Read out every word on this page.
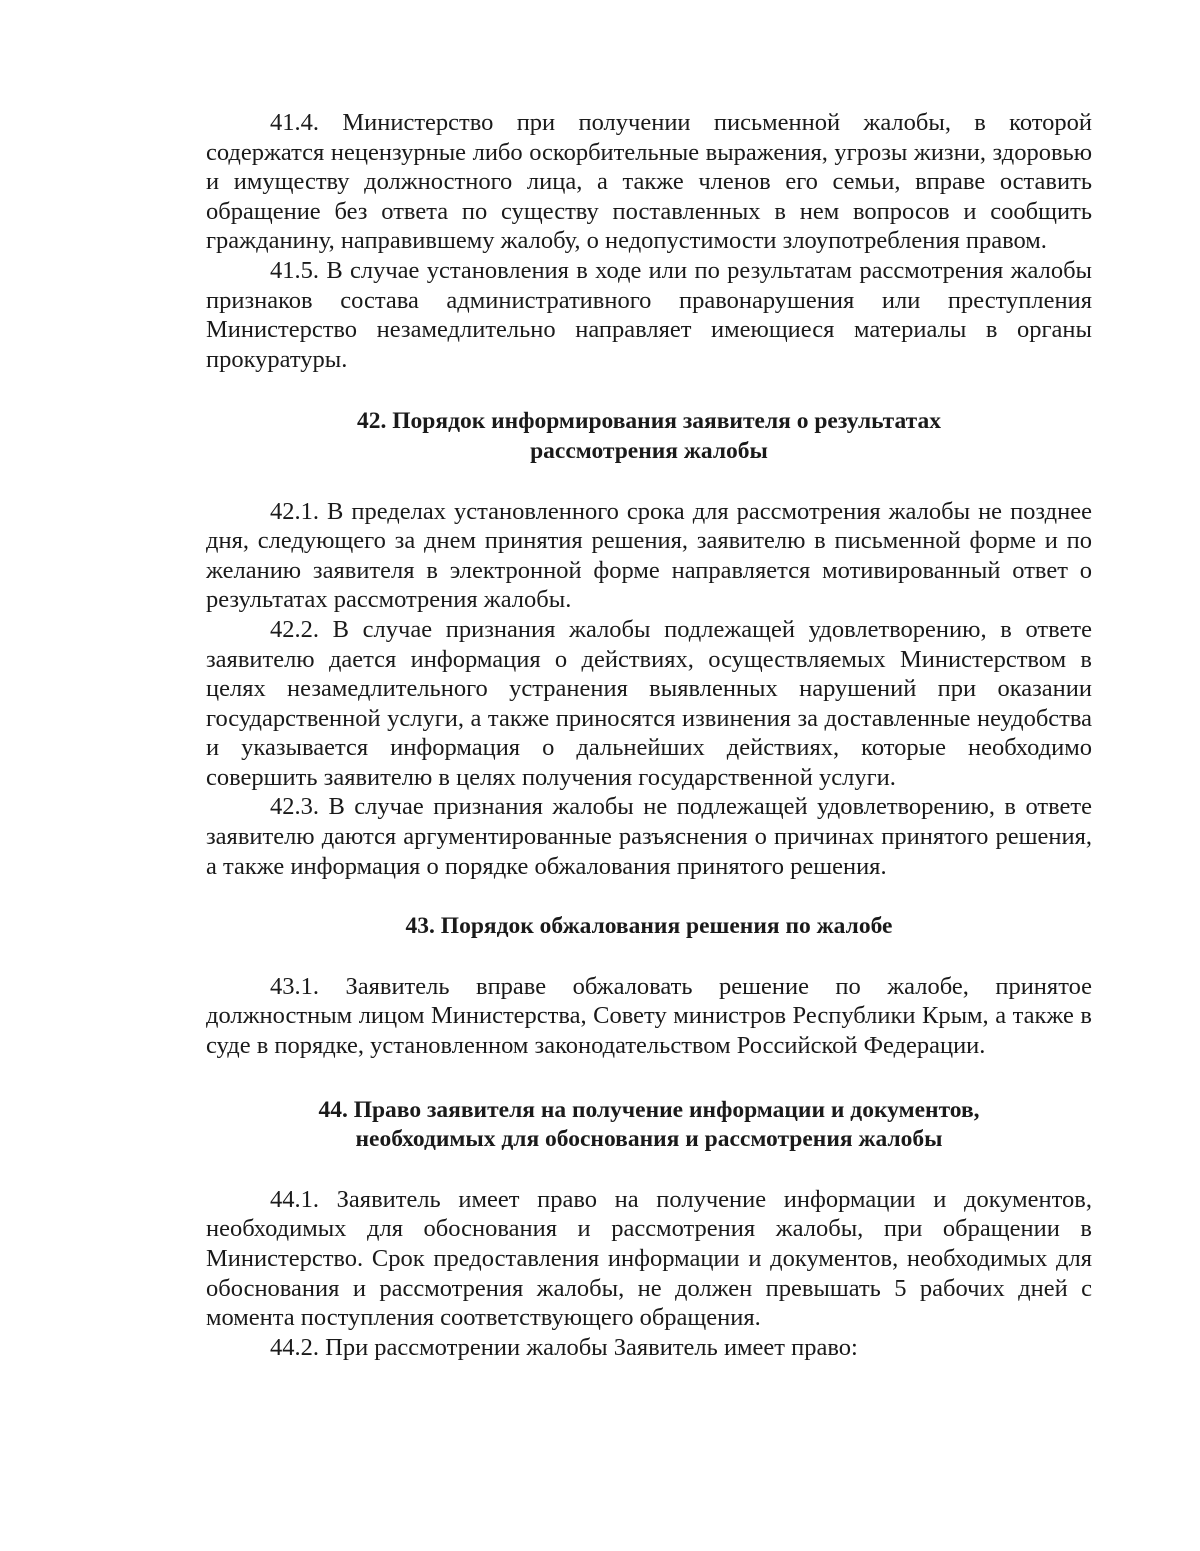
41.4. Министерство при получении письменной жалобы, в которой содержатся нецензурные либо оскорбительные выражения, угрозы жизни, здоровью и имуществу должностного лица, а также членов его семьи, вправе оставить обращение без ответа по существу поставленных в нем вопросов и сообщить гражданину, направившему жалобу, о недопустимости злоупотребления правом.

41.5. В случае установления в ходе или по результатам рассмотрения жалобы признаков состава административного правонарушения или преступления Министерство незамедлительно направляет имеющиеся материалы в органы прокуратуры.

42. Порядок информирования заявителя о результатах
рассмотрения жалобы

42.1. В пределах установленного срока для рассмотрения жалобы не позднее дня, следующего за днем принятия решения, заявителю в письменной форме и по желанию заявителя в электронной форме направляется мотивированный ответ о результатах рассмотрения жалобы.

42.2. В случае признания жалобы подлежащей удовлетворению, в ответе заявителю дается информация о действиях, осуществляемых Министерством в целях незамедлительного устранения выявленных нарушений при оказании государственной услуги, а также приносятся извинения за доставленные неудобства и указывается информация о дальнейших действиях, которые необходимо совершить заявителю в целях получения государственной услуги.

42.3. В случае признания жалобы не подлежащей удовлетворению, в ответе заявителю даются аргументированные разъяснения о причинах принятого решения, а также информация о порядке обжалования принятого решения.

43. Порядок обжалования решения по жалобе

43.1. Заявитель вправе обжаловать решение по жалобе, принятое должностным лицом Министерства, Совету министров Республики Крым, а также в суде в порядке, установленном законодательством Российской Федерации.

44. Право заявителя на получение информации и документов,
необходимых для обоснования и рассмотрения жалобы

44.1. Заявитель имеет право на получение информации и документов, необходимых для обоснования и рассмотрения жалобы, при обращении в Министерство. Срок предоставления информации и документов, необходимых для обоснования и рассмотрения жалобы, не должен превышать 5 рабочих дней с момента поступления соответствующего обращения.

44.2. При рассмотрении жалобы Заявитель имеет право:
